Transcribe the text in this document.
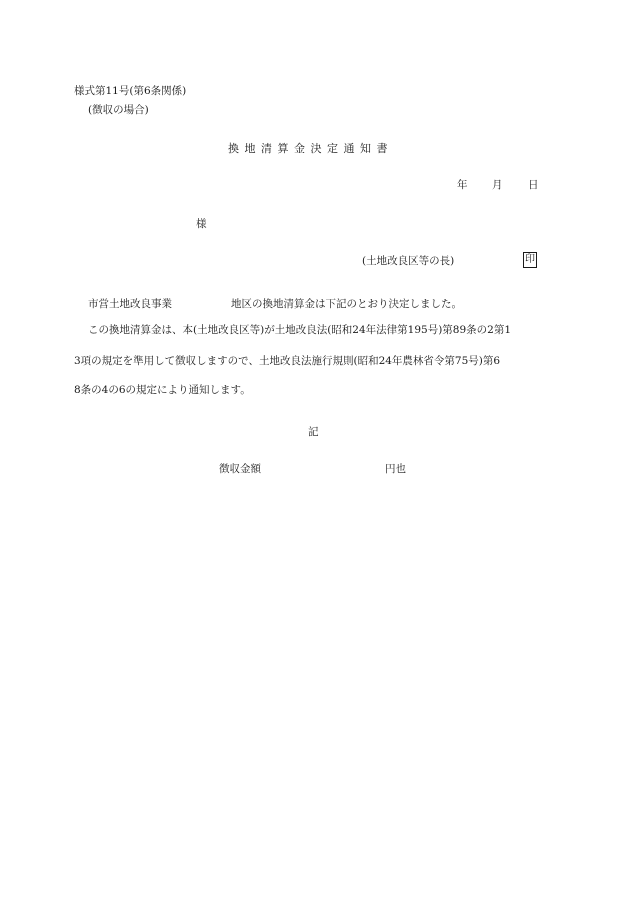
様式第11号(第6条関係)
(徴収の場合)
換地清算金決定通知書
年 月 日
様
(土地改良区等の長)	印
市営土地改良事業	地区の換地清算金は下記のとおり決定しました。
この換地清算金は、本(土地改良区等)が土地改良法(昭和24年法律第195号)第89条の2第1
3項の規定を準用して徴収しますので、土地改良法施行規則(昭和24年農林省令第75号)第6
8条の4の6の規定により通知します。
記
徴収金額	円也
